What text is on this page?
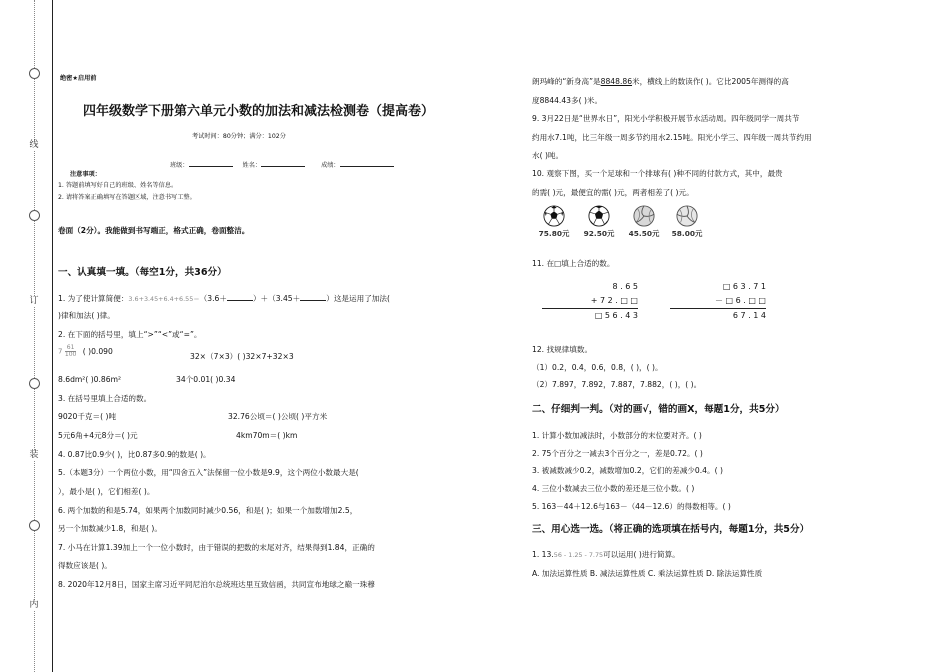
线
订
装
内
绝密★启用前
四年级数学下册第六单元小数的加法和减法检测卷（提高卷）
考试时间：80分钟；满分：102分
班级：	姓名：	成绩：
注意事项：
1. 答题前填写好自己的班级、姓名等信息。
2. 请将答案正确填写在答题区域，注意书写工整。
卷面（2分）。我能做到书写端正，格式正确，卷面整洁。
一、认真填一填。（每空1分，共36分）
1. 为了使计算简便：3.6+3.45+6.4+6.55＝（3.6＋	）＋（3.45＋	）这是运用了加法(
)律和加法( )律。
2. 在下面的括号里，填上“>”“<”或“=”。
$7 \frac{61}{100}$ ( )0.090
32×（7×3）( )32×7+32×3
8.6dm²( )0.86m²	34个0.01( )0.34
3. 在括号里填上合适的数。
9020千克＝( )吨	32.76公顷＝( )公顷( )平方米
5元6角+4元8分＝( )元	4km70m＝( )km
4. 0.87比0.9少( )，比0.87多0.9的数是( )。
5.（本题3分）一个两位小数，用“四舍五入”法保留一位小数是9.9，这个两位小数最大是(
），最小是( )，它们相差( )。
6. 两个加数的和是5.74，如果两个加数同时减少0.56，和是( )；如果一个加数增加2.5，
另一个加数减少1.8，和是( )。
7. 小马在计算1.39加上一个一位小数时，由于错误的把数的末尾对齐，结果得到1.84，正确的
得数应该是( )。
8. 2020年12月8日，国家主席习近平同尼泊尔总统班达里互致信函，共同宣布地球之巅一珠穆
朗玛峰的“新身高”是8848.86米，横线上的数读作( )。它比2005年测得的高
度8844.43多( )米。
9. 3月22日是“世界水日”，阳光小学积极开展节水活动周。四年级同学一周共节
约用水7.1吨，比三年级一周多节约用水2.15吨。阳光小学三、四年级一周共节约用
水( )吨。
10. 观察下图，买一个足球和一个排球有( )种不同的付款方式，其中，最贵
的需( )元，最便宜的需( )元，两者相差了( )元。
75.80元	92.50元	45.50元	58.00元
11. 在□填上合适的数。
8 . 6 5
+ 7 2 . □ □
□ 5 6 . 4 3
□ 6 3 . 7 1
－ □ 6 . □ □
6 7 . 1 4
12. 找规律填数。
（1）0.2，0.4，0.6，0.8，( )，( )。
（2）7.897，7.892，7.887，7.882，( )，( )。
二、仔细判一判。（对的画√，错的画X，每题1分，共5分）
1. 计算小数加减法时，小数部分的末位要对齐。( )
2. 75个百分之一减去3个百分之一，差是0.72。( )
3. 被减数减少0.2，减数增加0.2，它们的差减少0.4。( )
4. 三位小数减去三位小数的差还是三位小数。( )
5. 163－44＋12.6与163－（44－12.6）的得数相等。( )
三、用心选一选。（将正确的选项填在括号内，每题1分，共5分）
1. 13.56 - 1.25 - 7.75可以运用( )进行简算。
A. 加法运算性质 B. 减法运算性质 C. 乘法运算性质 D. 除法运算性质
